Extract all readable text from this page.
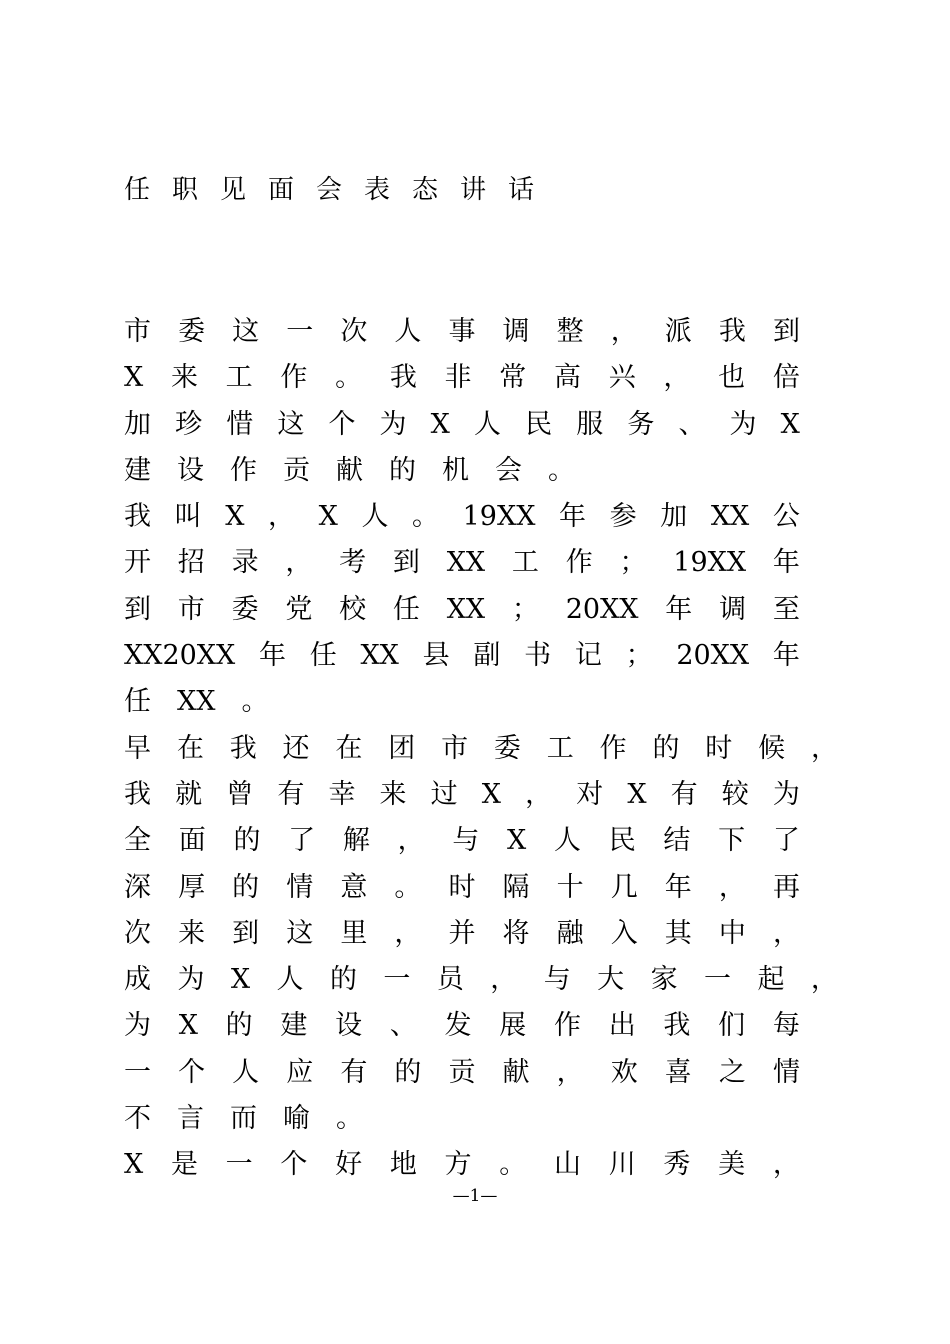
任职见面会表态讲话
市 委 这 一 次 人 事 调 整 ， 派 我 到
X 来 工 作 。 我 非 常 高 兴 ， 也 倍
加 珍 惜 这 个 为 X 人 民 服 务 、 为 X
建 设 作 贡 献 的 机 会 。
我 叫 X ， X 人 。 19XX 年 参 加 XX 公
开 招 录 ， 考 到 XX 工 作 ； 19XX 年
到 市 委 党 校 任 XX ； 20XX 年 调 至
XX20XX 年 任 XX 县 副 书 记 ； 20XX 年
任 XX 。
早 在 我 还 在 团 市 委 工 作 的 时 候 ，
我 就 曾 有 幸 来 过 X ， 对 X 有 较 为
全 面 的 了 解 ， 与 X 人 民 结 下 了
深 厚 的 情 意 。 时 隔 十 几 年 ， 再
次 来 到 这 里 ， 并 将 融 入 其 中 ，
成 为 X 人 的 一 员 ， 与 大 家 一 起 ，
为 X 的 建 设 、 发 展 作 出 我 们 每
一 个 人 应 有 的 贡 献 ， 欢 喜 之 情
不 言 而 喻 。
X 是 一 个 好 地 方 。 山 川 秀 美 ，
—1—
